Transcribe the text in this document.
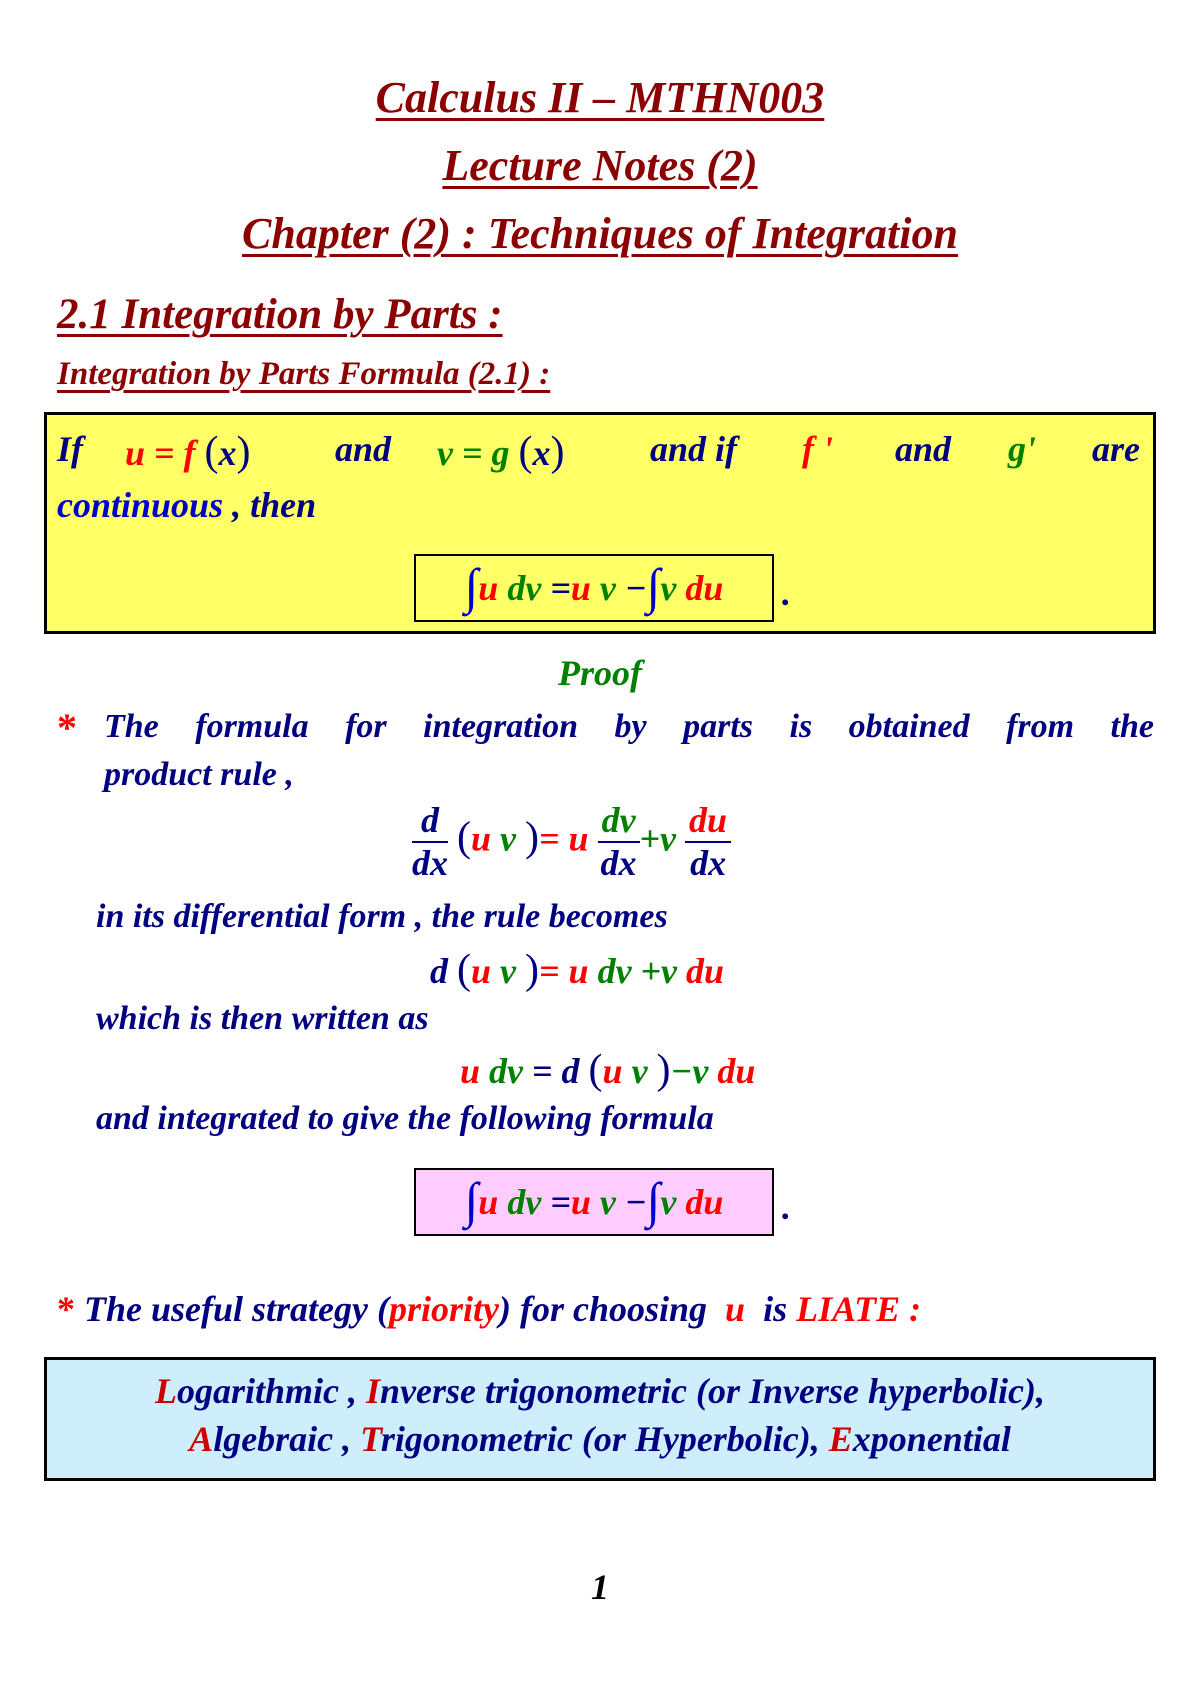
Calculus II – MTHN003
Lecture Notes (2)
Chapter (2) : Techniques of Integration
2.1 Integration by Parts :
Integration by Parts Formula (2.1) :
If u = f (x) and v = g (x) and if f ' and g' are
continuous , then
∫ u
dv
= u
v
− ∫ v
du .
Proof
* The formula for integration by parts is obtained from the
product rule ,
$\frac{d}{dx} (u$ v )= u $\frac{dv}{dx} +v \frac{du}{dx}$
in its differential form , the rule becomes
d (u v )= u dv +v du
which is then written as
u dv = d (u v )−v du
and integrated to give the following formula
∫ u
dv
= u
v
− ∫ v
du .
* The useful strategy (priority) for choosing u is LIATE :
Logarithmic , Inverse trigonometric (or Inverse hyperbolic),
Algebraic , Trigonometric (or Hyperbolic), Exponential
1
